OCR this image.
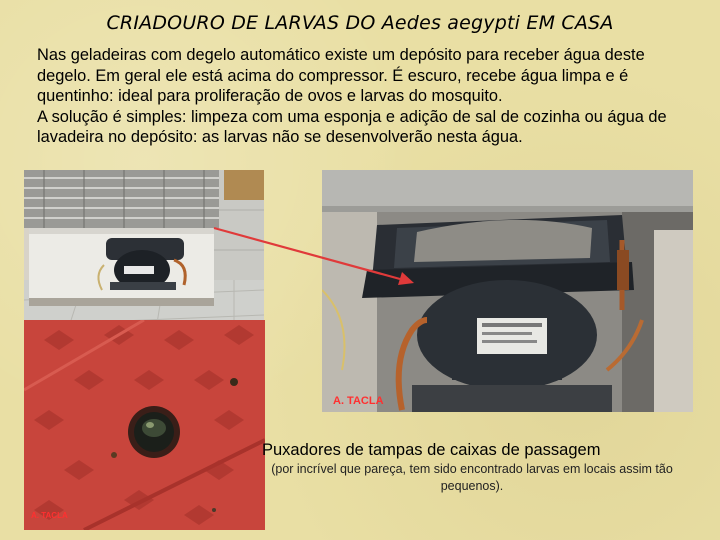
CRIADOURO DE LARVAS DO Aedes aegypti EM CASA

Nas geladeiras com degelo automático existe um depósito para receber água deste degelo. Em geral ele está acima do compressor. É escuro, recebe água limpa e é quentinho: ideal para proliferação de ovos e larvas do mosquito.

A solução é simples: limpeza com uma esponja e adição de sal de cozinha ou água de lavadeira no depósito: as larvas não se desenvolverão nesta água.

A. TACLA
A. TACLA
Puxadores de tampas de caixas de passagem
(por incrível que pareça, tem sido encontrado larvas em locais assim tão pequenos).
